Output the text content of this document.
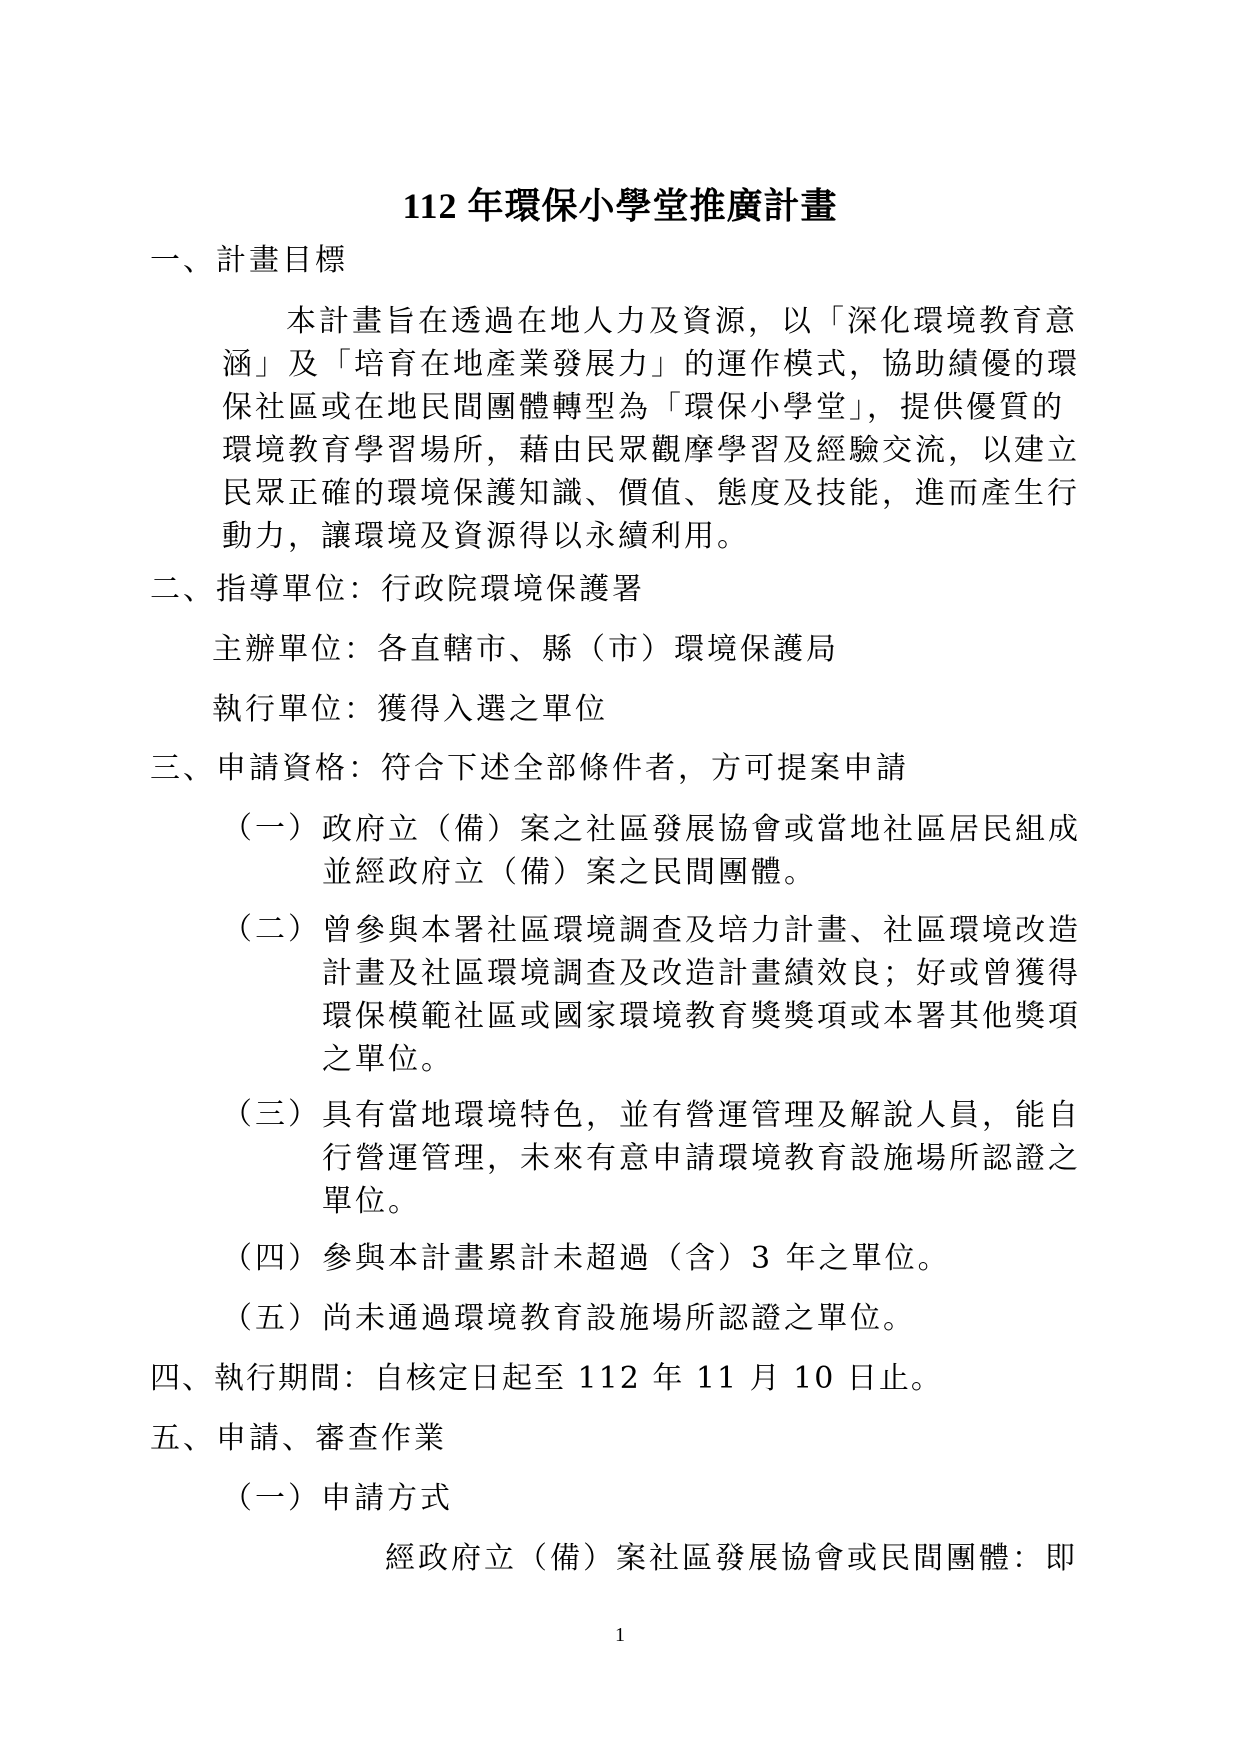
112 年環保小學堂推廣計畫
一、計畫目標
本計畫旨在透過在地人力及資源，以「深化環境教育意
涵」及「培育在地產業發展力」的運作模式，協助績優的環
保社區或在地民間團體轉型為「環保小學堂」，提供優質的
環境教育學習場所，藉由民眾觀摩學習及經驗交流，以建立
民眾正確的環境保護知識、價值、態度及技能，進而產生行
動力，讓環境及資源得以永續利用。
二、指導單位：行政院環境保護署
主辦單位：各直轄市、縣（市）環境保護局
執行單位：獲得入選之單位
三、申請資格：符合下述全部條件者，方可提案申請
（一） 政府立（備）案之社區發展協會或當地社區居民組成
並經政府立（備）案之民間團體。
（二） 曾參與本署社區環境調查及培力計畫、社區環境改造
計畫及社區環境調查及改造計畫績效良；好或曾獲得
環保模範社區或國家環境教育獎獎項或本署其他獎項
之單位。
（三） 具有當地環境特色，並有營運管理及解說人員，能自
行營運管理，未來有意申請環境教育設施場所認證之
單位。
（四） 參與本計畫累計未超過（含）3 年之單位。
（五） 尚未通過環境教育設施場所認證之單位。
四、執行期間：自核定日起至 112 年 11 月 10 日止。
五、申請、審查作業
（一）申請方式
經政府立（備）案社區發展協會或民間團體：即
1
